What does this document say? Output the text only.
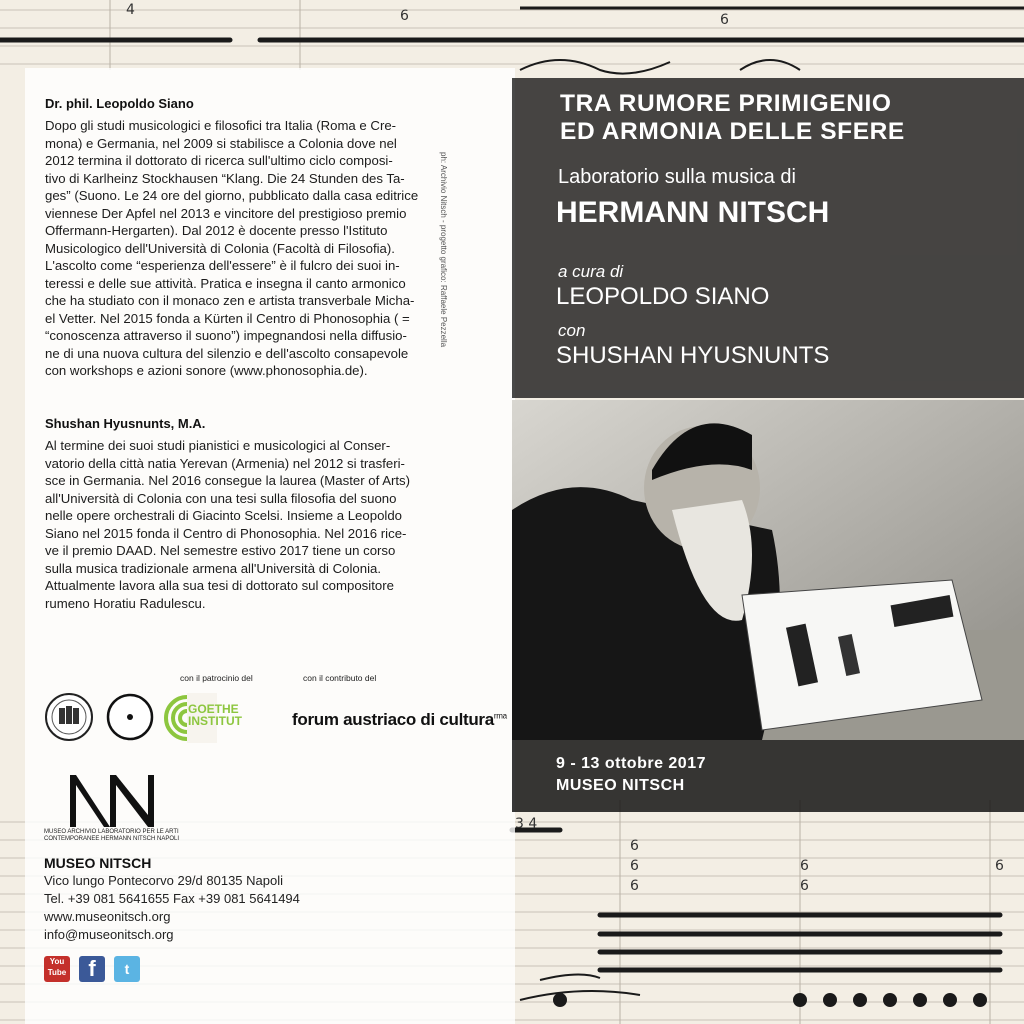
4	6	6
6
6
6
6
6
6
3 4
ph: Archivio Nitsch - progetto grafico: Raffaele Pezzella
Dr. phil. Leopoldo Siano
Dopo gli studi musicologici e filosofici tra Italia (Roma e Cre-
mona) e Germania, nel 2009 si stabilisce a Colonia dove nel
2012 termina il dottorato di ricerca sull'ultimo ciclo composi-
tivo di Karlheinz Stockhausen “Klang. Die 24 Stunden des Ta-
ges” (Suono. Le 24 ore del giorno, pubblicato dalla casa editrice
viennese Der Apfel nel 2013 e vincitore del prestigioso premio
Offermann-Hergarten). Dal 2012 è docente presso l'Istituto
Musicologico dell'Università di Colonia (Facoltà di Filosofia).
L'ascolto come “esperienza dell'essere” è il fulcro dei suoi in-
teressi e delle sue attività. Pratica e insegna il canto armonico
che ha studiato con il monaco zen e artista transverbale Micha-
el Vetter. Nel 2015 fonda a Kürten il Centro di Phonosophia ( =
“conoscenza attraverso il suono”) impegnandosi nella diffusio-
ne di una nuova cultura del silenzio e dell'ascolto consapevole
con workshops e azioni sonore (www.phonosophia.de).
Shushan Hyusnunts, M.A.
Al termine dei suoi studi pianistici e musicologici al Conser-
vatorio della città natia Yerevan (Armenia) nel 2012 si trasferi-
sce in Germania. Nel 2016 consegue la laurea (Master of Arts)
all'Università di Colonia con una tesi sulla filosofia del suono
nelle opere orchestrali di Giacinto Scelsi. Insieme a Leopoldo
Siano nel 2015 fonda il Centro di Phonosophia. Nel 2016 rice-
ve il premio DAAD. Nel semestre estivo 2017 tiene un corso
sulla musica tradizionale armena all'Università di Colonia.
Attualmente lavora alla sua tesi di dottorato sul compositore
rumeno Horatiu Radulescu.
con il patrocinio del	con il contributo del
GOETHE
INSTITUT	forum austriaco di cultura$^{rma}$
MUSEO ARCHIVIO LABORATORIO PER LE ARTI CONTEMPORANEE HERMANN NITSCH NAPOLI
MUSEO NITSCH
Vico lungo Pontecorvo 29/d 80135 Napoli
Tel. +39 081 5641655 Fax +39 081 5641494
www.museonitsch.org
info@museonitsch.org
You
Tube	f	t
TRA RUMORE PRIMIGENIO
ED ARMONIA DELLE SFERE
Laboratorio sulla musica di
HERMANN NITSCH
a cura di
LEOPOLDO SIANO
con
SHUSHAN HYUSNUNTS
9 - 13 ottobre 2017
MUSEO NITSCH
